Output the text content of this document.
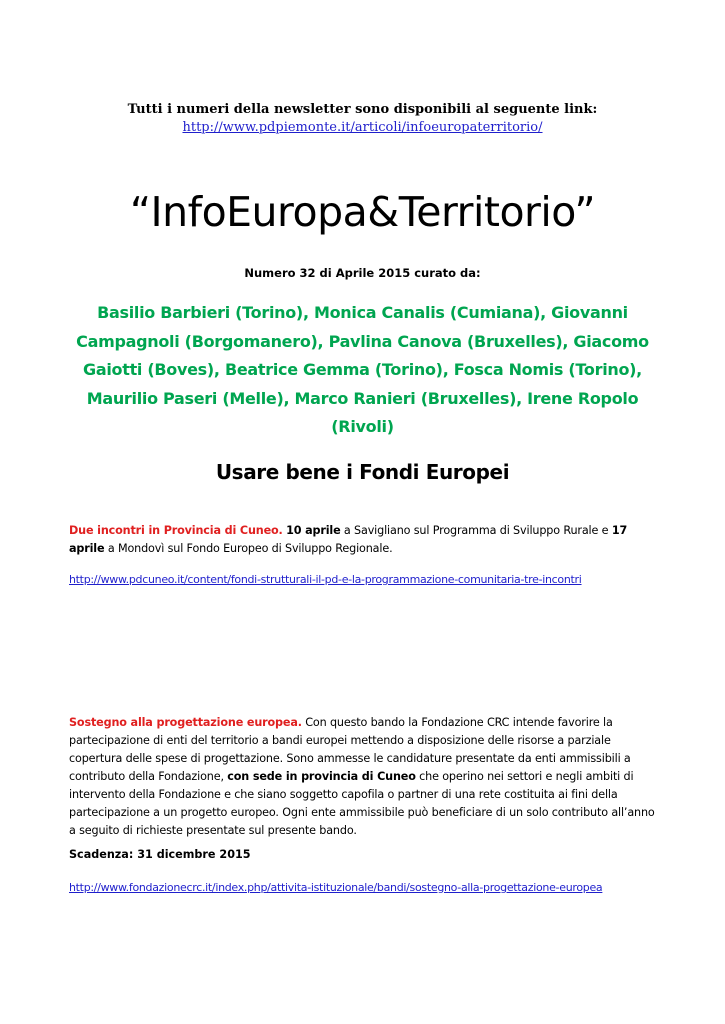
Tutti i numeri della newsletter sono disponibili al seguente link:
http://www.pdpiemonte.it/articoli/infoeuropaterritorio/
“InfoEuropa&Territorio”
Numero 32 di Aprile 2015 curato da:
Basilio Barbieri (Torino), Monica Canalis (Cumiana), Giovanni Campagnoli (Borgomanero), Pavlina Canova (Bruxelles), Giacomo Gaiotti (Boves), Beatrice Gemma (Torino), Fosca Nomis (Torino), Maurilio Paseri (Melle), Marco Ranieri (Bruxelles), Irene Ropolo (Rivoli)
Usare bene i Fondi Europei
Due incontri in Provincia di Cuneo. 10 aprile a Savigliano sul Programma di Sviluppo Rurale e 17 aprile a Mondovì sul Fondo Europeo di Sviluppo Regionale.
http://www.pdcuneo.it/content/fondi-strutturali-il-pd-e-la-programmazione-comunitaria-tre-incontri
Sostegno alla progettazione europea. Con questo bando la Fondazione CRC intende favorire la partecipazione di enti del territorio a bandi europei mettendo a disposizione delle risorse a parziale copertura delle spese di progettazione. Sono ammesse le candidature presentate da enti ammissibili a contributo della Fondazione, con sede in provincia di Cuneo che operino nei settori e negli ambiti di intervento della Fondazione e che siano soggetto capofila o partner di una rete costituita ai fini della partecipazione a un progetto europeo. Ogni ente ammissibile può beneficiare di un solo contributo all’anno a seguito di richieste presentate sul presente bando.
Scadenza: 31 dicembre 2015
http://www.fondazionecrc.it/index.php/attivita-istituzionale/bandi/sostegno-alla-progettazione-europea
